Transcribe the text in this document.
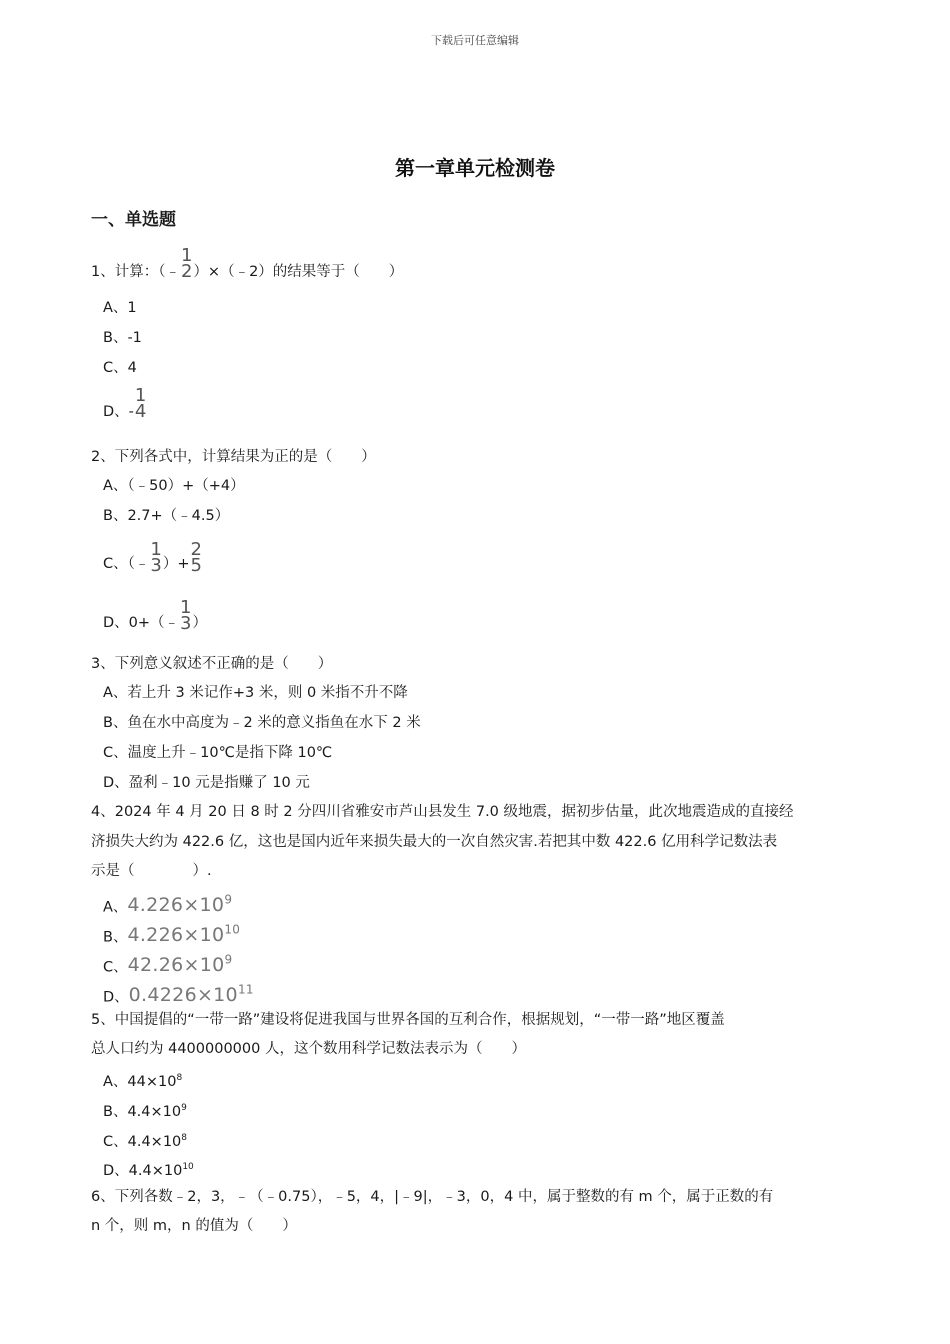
下载后可任意编辑
第一章单元检测卷
一、单选题
1、计算：（﹣
1
2 ）×（﹣2）的结果等于（　　）
A、1
B、-1
C、4
D、-
1
4
2、下列各式中，计算结果为正的是（　　）
A、（﹣50）+（+4）
B、2.7+（﹣4.5）
C、（﹣
1
3 ）+
2
5
D、0+（﹣
1
3 ）
3、下列意义叙述不正确的是（　　）
A、若上升 3 米记作+3 米，则 0 米指不升不降
B、鱼在水中高度为﹣2 米的意义指鱼在水下 2 米
C、温度上升﹣10℃是指下降 10℃
D、盈利﹣10 元是指赚了 10 元
4、2024 年 4 月 20 日 8 时 2 分四川省雅安市芦山县发生 7.0 级地震，据初步估量，此次地震造成的直接经
济损失大约为 422.6 亿，这也是国内近年来损失最大的一次自然灾害.若把其中数 422.6 亿用科学记数法表
示是（　　　　）.
A、$4.226\times 10^9$
B、$4.226\times 10^{10}$
C、$42.26\times 10^9$
D、$0.4226\times 10^{11}$
5、中国提倡的“一带一路”建设将促进我国与世界各国的互利合作，根据规划，“一带一路”地区覆盖
总人口约为 4400000000 人，这个数用科学记数法表示为（　　）
A、$44\times 10^8$
B、$4.4\times 10^9$
C、$4.4\times 10^8$
D、$4.4\times 10^{10}$
6、下列各数﹣2，3，﹣（﹣0.75），﹣5，4，|﹣9|，﹣3，0，4 中，属于整数的有 m 个，属于正数的有
n 个，则 m，n 的值为（　　）
